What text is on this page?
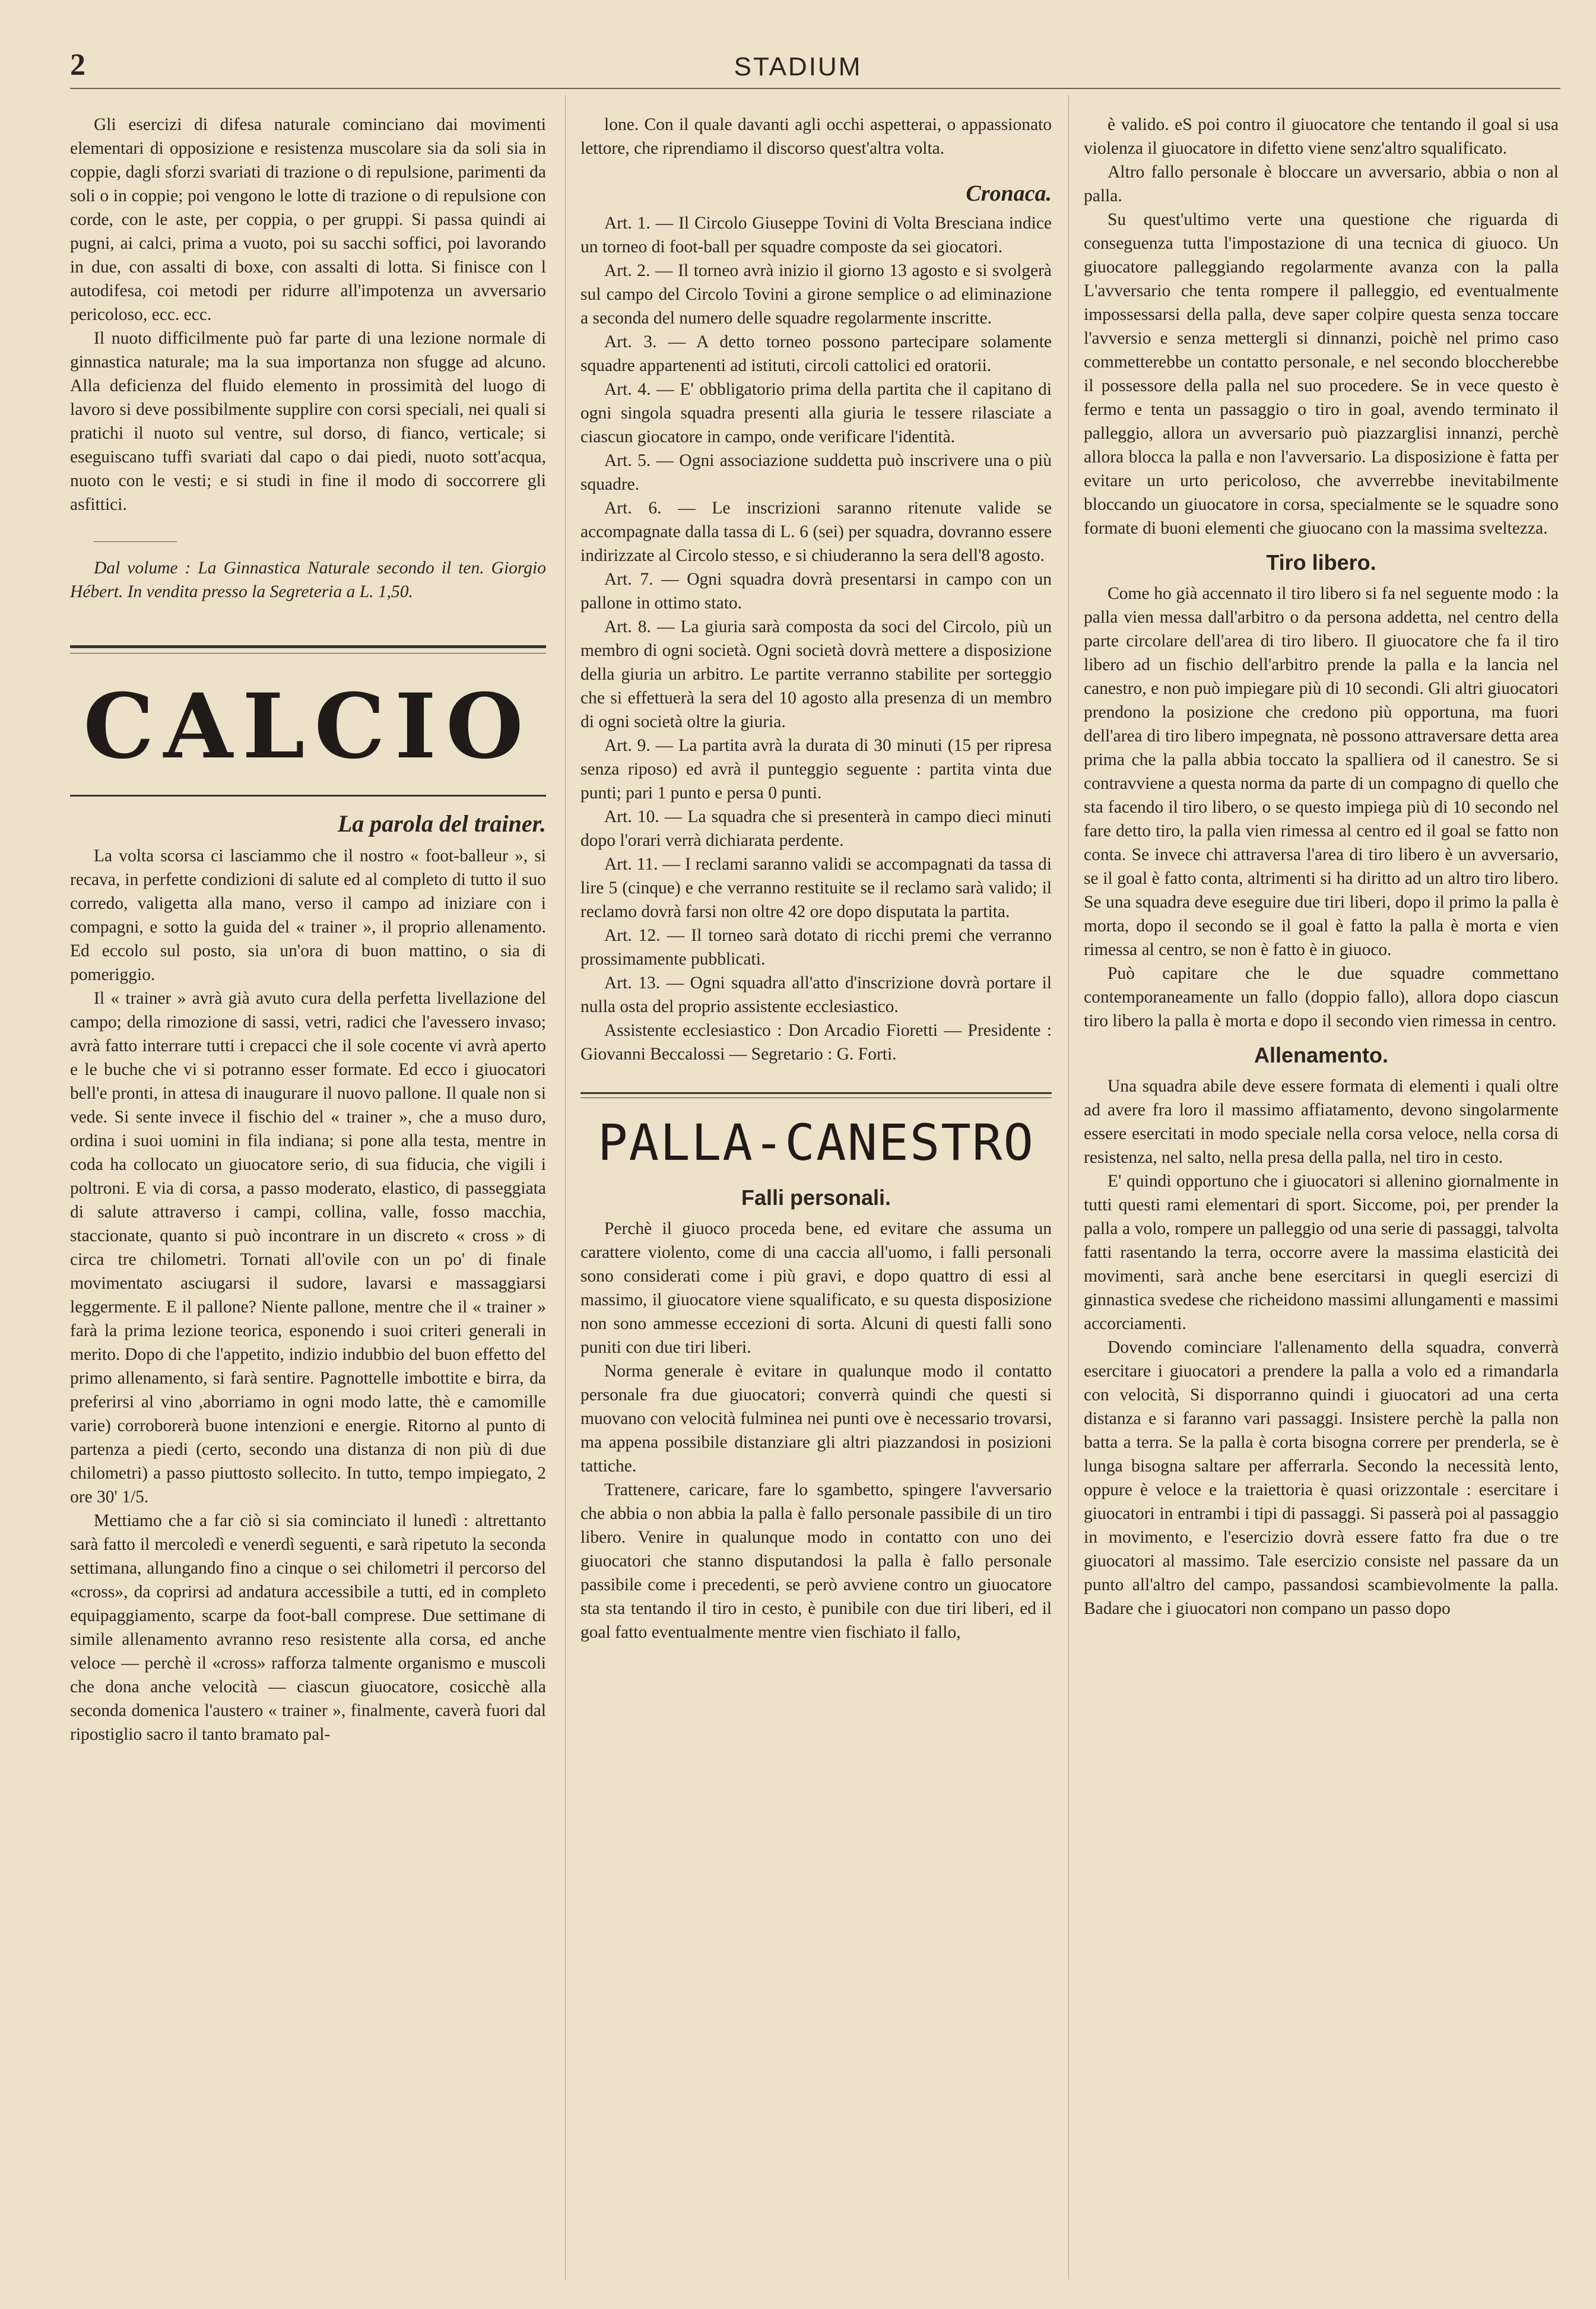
2	STADIUM

Gli esercizi di difesa naturale cominciano dai movimenti elementari di opposizione e resistenza muscolare sia da soli sia in coppie, dagli sforzi svariati di trazione o di repulsione, parimenti da soli o in coppie; poi vengono le lotte di trazione o di repulsione con corde, con le aste, per coppia, o per gruppi. Si passa quindi ai pugni, ai calci, prima a vuoto, poi su sacchi soffici, poi lavorando in due, con assalti di boxe, con assalti di lotta. Si finisce con l autodifesa, coi metodi per ridurre all'impotenza un avversario pericoloso, ecc. ecc.

Il nuoto difficilmente può far parte di una lezione normale di ginnastica naturale; ma la sua importanza non sfugge ad alcuno. Alla deficienza del fluido elemento in prossimità del luogo di lavoro si deve possibilmente supplire con corsi speciali, nei quali si pratichi il nuoto sul ventre, sul dorso, di fianco, verticale; si eseguiscano tuffi svariati dal capo o dai piedi, nuoto sott'acqua, nuoto con le vesti; e si studi in fine il modo di soccorrere gli asfittici.

Dal volume : La Ginnastica Naturale secondo il ten. Giorgio Hébert. In vendita presso la Segreteria a L. 1,50.

CALCIO
La parola del trainer.

La volta scorsa ci lasciammo che il nostro « foot-balleur », si recava, in perfette condizioni di salute ed al completo di tutto il suo corredo, valigetta alla mano, verso il campo ad iniziare con i compagni, e sotto la guida del « trainer », il proprio allenamento. Ed eccolo sul posto, sia un'ora di buon mattino, o sia di pomeriggio.

Il « trainer » avrà già avuto cura della perfetta livellazione del campo; della rimozione di sassi, vetri, radici che l'avessero invaso; avrà fatto interrare tutti i crepacci che il sole cocente vi avrà aperto e le buche che vi si potranno esser formate. Ed ecco i giuocatori bell'e pronti, in attesa di inaugurare il nuovo pallone. Il quale non si vede. Si sente invece il fischio del « trainer », che a muso duro, ordina i suoi uomini in fila indiana; si pone alla testa, mentre in coda ha collocato un giuocatore serio, di sua fiducia, che vigili i poltroni. E via di corsa, a passo moderato, elastico, di passeggiata di salute attraverso i campi, collina, valle, fosso macchia, staccionate, quanto si può incontrare in un discreto « cross » di circa tre chilometri. Tornati all'ovile con un po' di finale movimentato asciugarsi il sudore, lavarsi e massaggiarsi leggermente. E il pallone? Niente pallone, mentre che il « trainer » farà la prima lezione teorica, esponendo i suoi criteri generali in merito. Dopo di che l'appetito, indizio indubbio del buon effetto del primo allenamento, si farà sentire. Pagnottelle imbottite e birra, da preferirsi al vino ,aborriamo in ogni modo latte, thè e camomille varie) corroborerà buone intenzioni e energie. Ritorno al punto di partenza a piedi (certo, secondo una distanza di non più di due chilometri) a passo piuttosto sollecito. In tutto, tempo impiegato, 2 ore 30' 1/5.

Mettiamo che a far ciò si sia cominciato il lunedì : altrettanto sarà fatto il mercoledì e venerdì seguenti, e sarà ripetuto la seconda settimana, allungando fino a cinque o sei chilometri il percorso del «cross», da coprirsi ad andatura accessibile a tutti, ed in completo equipaggiamento, scarpe da foot-ball comprese. Due settimane di simile allenamento avranno reso resistente alla corsa, ed anche veloce — perchè il «cross» rafforza talmente organismo e muscoli che dona anche velocità — ciascun giuocatore, cosicchè alla seconda domenica l'austero « trainer », finalmente, caverà fuori dal ripostiglio sacro il tanto bramato pal-

lone. Con il quale davanti agli occhi aspetterai, o appassionato lettore, che riprendiamo il discorso quest'altra volta.

Cronaca.

Art. 1. — Il Circolo Giuseppe Tovini di Volta Bresciana indice un torneo di foot-ball per squadre composte da sei giocatori.

Art. 2. — Il torneo avrà inizio il giorno 13 agosto e si svolgerà sul campo del Circolo Tovini a girone semplice o ad eliminazione a seconda del numero delle squadre regolarmente inscritte.

Art. 3. — A detto torneo possono partecipare solamente squadre appartenenti ad istituti, circoli cattolici ed oratorii.

Art. 4. — E' obbligatorio prima della partita che il capitano di ogni singola squadra presenti alla giuria le tessere rilasciate a ciascun giocatore in campo, onde verificare l'identità.

Art. 5. — Ogni associazione suddetta può inscrivere una o più squadre.

Art. 6. — Le inscrizioni saranno ritenute valide se accompagnate dalla tassa di L. 6 (sei) per squadra, dovranno essere indirizzate al Circolo stesso, e si chiuderanno la sera dell'8 agosto.

Art. 7. — Ogni squadra dovrà presentarsi in campo con un pallone in ottimo stato.

Art. 8. — La giuria sarà composta da soci del Circolo, più un membro di ogni società. Ogni società dovrà mettere a disposizione della giuria un arbitro. Le partite verranno stabilite per sorteggio che si effettuerà la sera del 10 agosto alla presenza di un membro di ogni società oltre la giuria.

Art. 9. — La partita avrà la durata di 30 minuti (15 per ripresa senza riposo) ed avrà il punteggio seguente : partita vinta due punti; pari 1 punto e persa 0 punti.

Art. 10. — La squadra che si presenterà in campo dieci minuti dopo l'orari verrà dichiarata perdente.

Art. 11. — I reclami saranno validi se accompagnati da tassa di lire 5 (cinque) e che verranno restituite se il reclamo sarà valido; il reclamo dovrà farsi non oltre 42 ore dopo disputata la partita.

Art. 12. — Il torneo sarà dotato di ricchi premi che verranno prossimamente pubblicati.

Art. 13. — Ogni squadra all'atto d'inscrizione dovrà portare il nulla osta del proprio assistente ecclesiastico.

Assistente ecclesiastico : Don Arcadio Fioretti — Presidente : Giovanni Beccalossi — Segretario : G. Forti.

PALLA-CANESTRO
Falli personali.

Perchè il giuoco proceda bene, ed evitare che assuma un carattere violento, come di una caccia all'uomo, i falli personali sono considerati come i più gravi, e dopo quattro di essi al massimo, il giuocatore viene squalificato, e su questa disposizione non sono ammesse eccezioni di sorta. Alcuni di questi falli sono puniti con due tiri liberi.

Norma generale è evitare in qualunque modo il contatto personale fra due giuocatori; converrà quindi che questi si muovano con velocità fulminea nei punti ove è necessario trovarsi, ma appena possibile distanziare gli altri piazzandosi in posizioni tattiche.

Trattenere, caricare, fare lo sgambetto, spingere l'avversario che abbia o non abbia la palla è fallo personale passibile di un tiro libero. Venire in qualunque modo in contatto con uno dei giuocatori che stanno disputandosi la palla è fallo personale passibile come i precedenti, se però avviene contro un giuocatore sta sta tentando il tiro in cesto, è punibile con due tiri liberi, ed il goal fatto eventualmente mentre vien fischiato il fallo,

è valido. eS poi contro il giuocatore che tentando il goal si usa violenza il giuocatore in difetto viene senz'altro squalificato.

Altro fallo personale è bloccare un avversario, abbia o non al palla.

Su quest'ultimo verte una questione che riguarda di conseguenza tutta l'impostazione di una tecnica di giuoco. Un giuocatore palleggiando regolarmente avanza con la palla L'avversario che tenta rompere il palleggio, ed eventualmente impossessarsi della palla, deve saper colpire questa senza toccare l'avversio e senza mettergli si dinnanzi, poichè nel primo caso commetterebbe un contatto personale, e nel secondo bloccherebbe il possessore della palla nel suo procedere. Se in vece questo è fermo e tenta un passaggio o tiro in goal, avendo terminato il palleggio, allora un avversario può piazzarglisi innanzi, perchè allora blocca la palla e non l'avversario. La disposizione è fatta per evitare un urto pericoloso, che avverrebbe inevitabilmente bloccando un giuocatore in corsa, specialmente se le squadre sono formate di buoni elementi che giuocano con la massima sveltezza.

Tiro libero.

Come ho già accennato il tiro libero si fa nel seguente modo : la palla vien messa dall'arbitro o da persona addetta, nel centro della parte circolare dell'area di tiro libero. Il giuocatore che fa il tiro libero ad un fischio dell'arbitro prende la palla e la lancia nel canestro, e non può impiegare più di 10 secondi. Gli altri giuocatori prendono la posizione che credono più opportuna, ma fuori dell'area di tiro libero impegnata, nè possono attraversare detta area prima che la palla abbia toccato la spalliera od il canestro. Se si contravviene a questa norma da parte di un compagno di quello che sta facendo il tiro libero, o se questo impiega più di 10 secondo nel fare detto tiro, la palla vien rimessa al centro ed il goal se fatto non conta. Se invece chi attraversa l'area di tiro libero è un avversario, se il goal è fatto conta, altrimenti si ha diritto ad un altro tiro libero. Se una squadra deve eseguire due tiri liberi, dopo il primo la palla è morta, dopo il secondo se il goal è fatto la palla è morta e vien rimessa al centro, se non è fatto è in giuoco.

Può capitare che le due squadre commettano contemporaneamente un fallo (doppio fallo), allora dopo ciascun tiro libero la palla è morta e dopo il secondo vien rimessa in centro.

Allenamento.

Una squadra abile deve essere formata di elementi i quali oltre ad avere fra loro il massimo affiatamento, devono singolarmente essere esercitati in modo speciale nella corsa veloce, nella corsa di resistenza, nel salto, nella presa della palla, nel tiro in cesto.

E' quindi opportuno che i giuocatori si allenino giornalmente in tutti questi rami elementari di sport. Siccome, poi, per prender la palla a volo, rompere un palleggio od una serie di passaggi, talvolta fatti rasentando la terra, occorre avere la massima elasticità dei movimenti, sarà anche bene esercitarsi in quegli esercizi di ginnastica svedese che richeidono massimi allungamenti e massimi accorciamenti.

Dovendo cominciare l'allenamento della squadra, converrà esercitare i giuocatori a prendere la palla a volo ed a rimandarla con velocità, Si disporranno quindi i giuocatori ad una certa distanza e si faranno vari passaggi. Insistere perchè la palla non batta a terra. Se la palla è corta bisogna correre per prenderla, se è lunga bisogna saltare per afferrarla. Secondo la necessità lento, oppure è veloce e la traiettoria è quasi orizzontale : esercitare i giuocatori in entrambi i tipi di passaggi. Si passerà poi al passaggio in movimento, e l'esercizio dovrà essere fatto fra due o tre giuocatori al massimo. Tale esercizio consiste nel passare da un punto all'altro del campo, passandosi scambievolmente la palla. Badare che i giuocatori non compano un passo dopo
